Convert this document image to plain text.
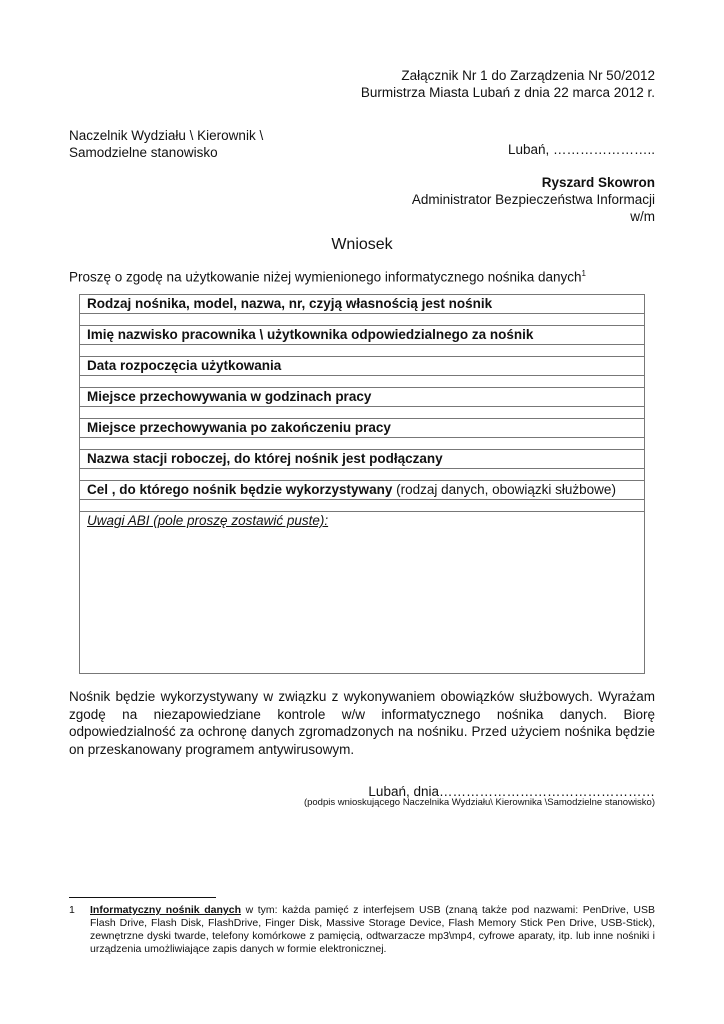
Załącznik Nr 1 do Zarządzenia Nr 50/2012
Burmistrza Miasta Lubań z dnia 22 marca 2012 r.
Lubań, …………………..
Naczelnik Wydziału \ Kierownik \
Samodzielne stanowisko
Ryszard Skowron
Administrator Bezpieczeństwa Informacji
w/m
Wniosek
Proszę o zgodę na użytkowanie niżej wymienionego informatycznego nośnika danych$^1$
Rodzaj nośnika, model, nazwa, nr, czyją własnością jest nośnik
Imię nazwisko pracownika \ użytkownika odpowiedzialnego za nośnik
Data rozpoczęcia użytkowania
Miejsce przechowywania w godzinach pracy
Miejsce przechowywania po zakończeniu pracy
Nazwa stacji roboczej, do której nośnik jest podłączany
Cel , do którego nośnik będzie wykorzystywany (rodzaj danych, obowiązki służbowe)
Uwagi ABI (pole proszę zostawić puste):
Nośnik będzie wykorzystywany w związku z wykonywaniem obowiązków służbowych. Wyrażam zgodę na niezapowiedziane kontrole w/w informatycznego nośnika danych. Biorę odpowiedzialność za ochronę danych zgromadzonych na nośniku. Przed użyciem nośnika będzie on przeskanowany programem antywirusowym.
Lubań, dnia…………………………………………
(podpis wnioskującego Naczelnika Wydziału\ Kierownika \Samodzielne stanowisko)
1 Informatyczny nośnik danych w tym: każda pamięć z interfejsem USB (znaną także pod nazwami: PenDrive, USB Flash Drive, Flash Disk, FlashDrive, Finger Disk, Massive Storage Device, Flash Memory Stick Pen Drive, USB-Stick), zewnętrzne dyski twarde, telefony komórkowe z pamięcią, odtwarzacze mp3\mp4, cyfrowe aparaty, itp. lub inne nośniki i urządzenia umożliwiające zapis danych w formie elektronicznej.
